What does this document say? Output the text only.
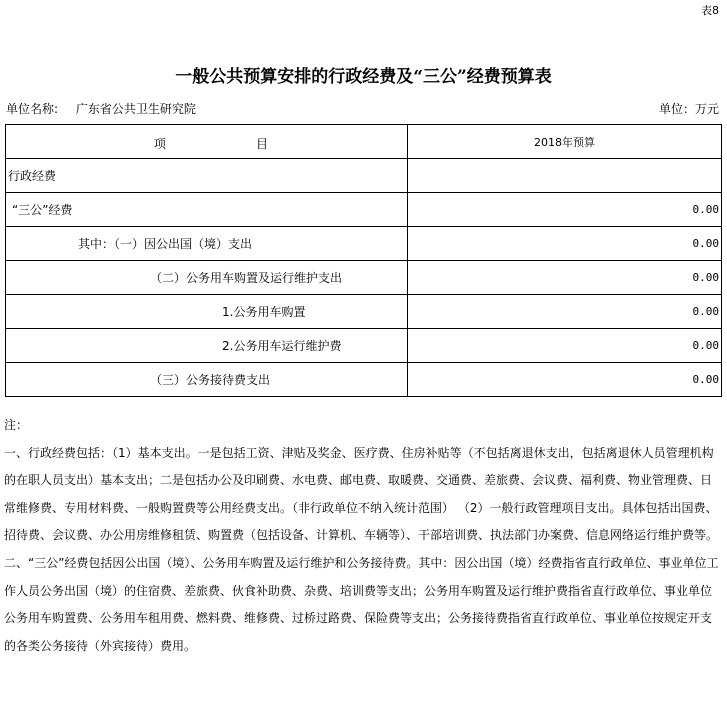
表8
一般公共预算安排的行政经费及“三公”经费预算表
单位名称: 广东省公共卫生研究院	单位：万元
项 目	2018年预算
行政经费	
“三公”经费	0.00
其中：（一）因公出国（境）支出	0.00
（二）公务用车购置及运行维护支出	0.00
1.公务用车购置	0.00
2.公务用车运行维护费	0.00
（三）公务接待费支出	0.00

注：

一、行政经费包括：（1）基本支出。一是包括工资、津贴及奖金、医疗费、住房补贴等（不包括离退休支出，包括离退休人员管理机构的在职人员支出）基本支出；二是包括办公及印刷费、水电费、邮电费、取暖费、交通费、差旅费、会议费、福利费、物业管理费、日常维修费、专用材料费、一般购置费等公用经费支出。（非行政单位不纳入统计范围） （2）一般行政管理项目支出。具体包括出国费、招待费、会议费、办公用房维修租赁、购置费（包括设备、计算机、车辆等）、干部培训费、执法部门办案费、信息网络运行维护费等。

二、“三公”经费包括因公出国（境）、公务用车购置及运行维护和公务接待费。其中：因公出国（境）经费指省直行政单位、事业单位工作人员公务出国（境）的住宿费、差旅费、伙食补助费、杂费、培训费等支出；公务用车购置及运行维护费指省直行政单位、事业单位公务用车购置费、公务用车租用费、燃料费、维修费、过桥过路费、保险费等支出；公务接待费指省直行政单位、事业单位按规定开支的各类公务接待（外宾接待）费用。
